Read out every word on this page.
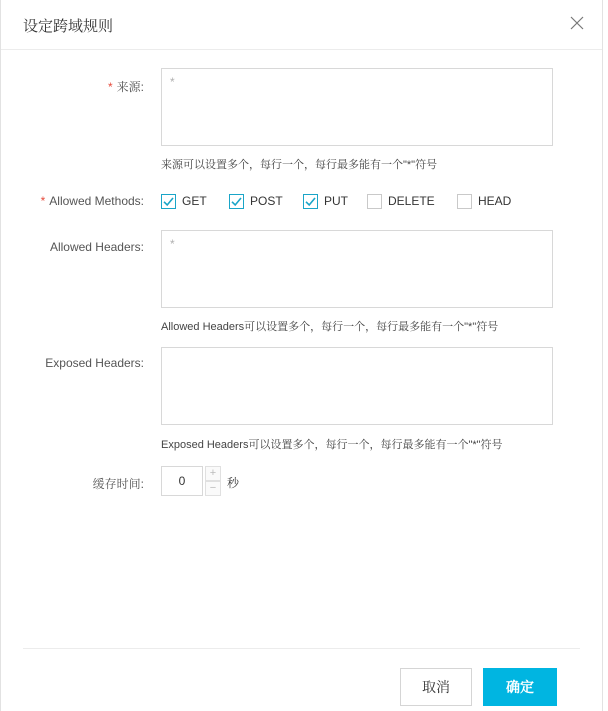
设定跨域规则
* 来源:
*
来源可以设置多个，每行一个，每行最多能有一个"*"符号
* Allowed Methods:	GET	POST	PUT	DELETE	HEAD
Allowed Headers:
*
Allowed Headers可以设置多个，每行一个，每行最多能有一个"*"符号
Exposed Headers:
Exposed Headers可以设置多个，每行一个，每行最多能有一个"*"符号
缓存时间:
0
+
− 秒
取消	确定
